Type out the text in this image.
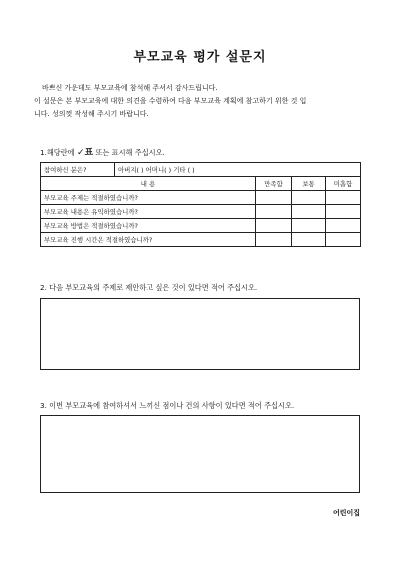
부모교육 평가 설문지

바쁘신 가운데도 부모교육에 참석해 주셔서 감사드립니다.

이 설문은 본 부모교육에 대한 의견을 수렴하여 다음 부모교육 계획에 참고하기 위한 것 입

니다. 성의껏 작성해 주시기 바랍니다.

1.해당란에 ✓표 또는 표시해 주십시오.
참여하신 분은?	아버지( ) 어머니( ) 기타 ( )			
내 용		만족함	보통	미흡함
부모교육 주제는 적절하였습니까?				
부모교육 내용은 유익하였습니까?				
부모교육 방법은 적절하였습니까?				
부모교육 진행 시간은 적절하였습니까?				
2. 다음 부모교육의 주제로 제안하고 싶은 것이 있다면 적어 주십시오.
3. 이번 부모교육에 참여하셔서 느끼신 점이나 건의 사항이 있다면 적어 주십시오.
어린이집
